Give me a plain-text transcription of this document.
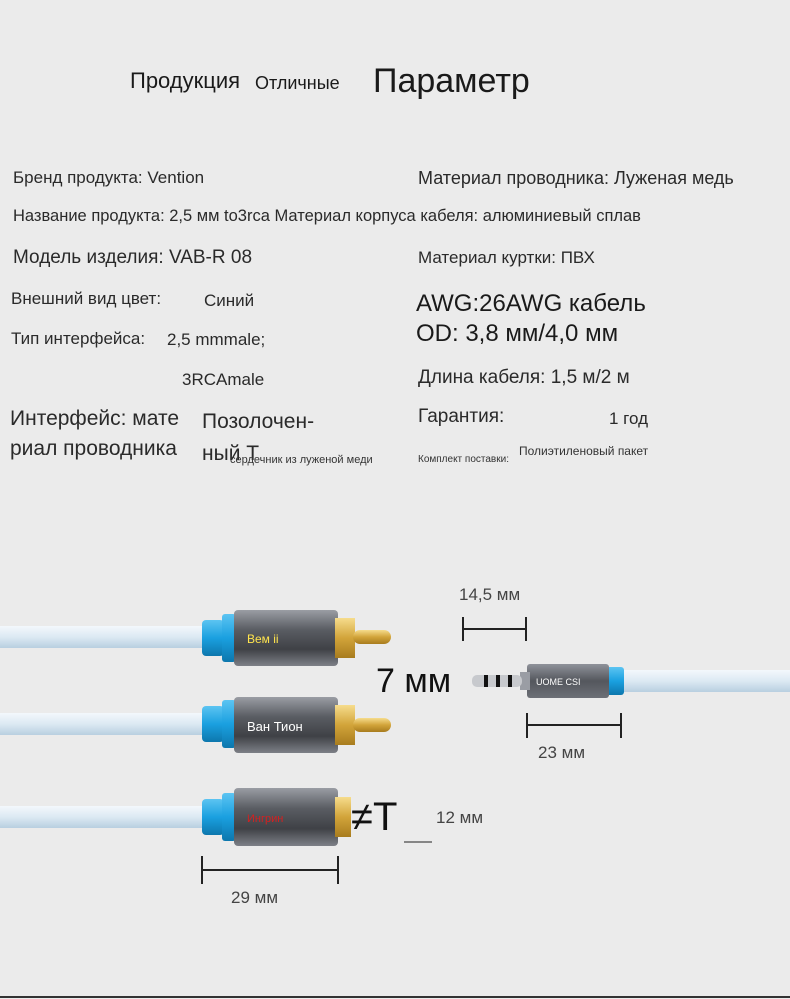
Продукция Отличные Параметр
Бренд продукта: Vention
Название продукта: 2,5 мм to3rca Материал корпуса кабеля: алюминиевый сплав
Модель изделия: VAB-R 08
Внешний вид цвет:	Синий
Тип интерфейса: 2,5 mmmale;
3RCAmale
Интерфейс: мате
риал проводника
Позолочен-
ный Т
сердечник из луженой меди
Материал проводника: Луженая медь
Материал куртки: ПВХ
AWG:26AWG кабель
OD: 3,8 мм/4,0 мм
Длина кабеля: 1,5 м/2 м
Гарантия:	1 год
Комплект поставки:
Полиэтиленовый пакет
Вем ii
Ван Тион
Ингрин
UOME CSI
14,5 мм
7 мм
23 мм
≠T 12 мм
29 мм
